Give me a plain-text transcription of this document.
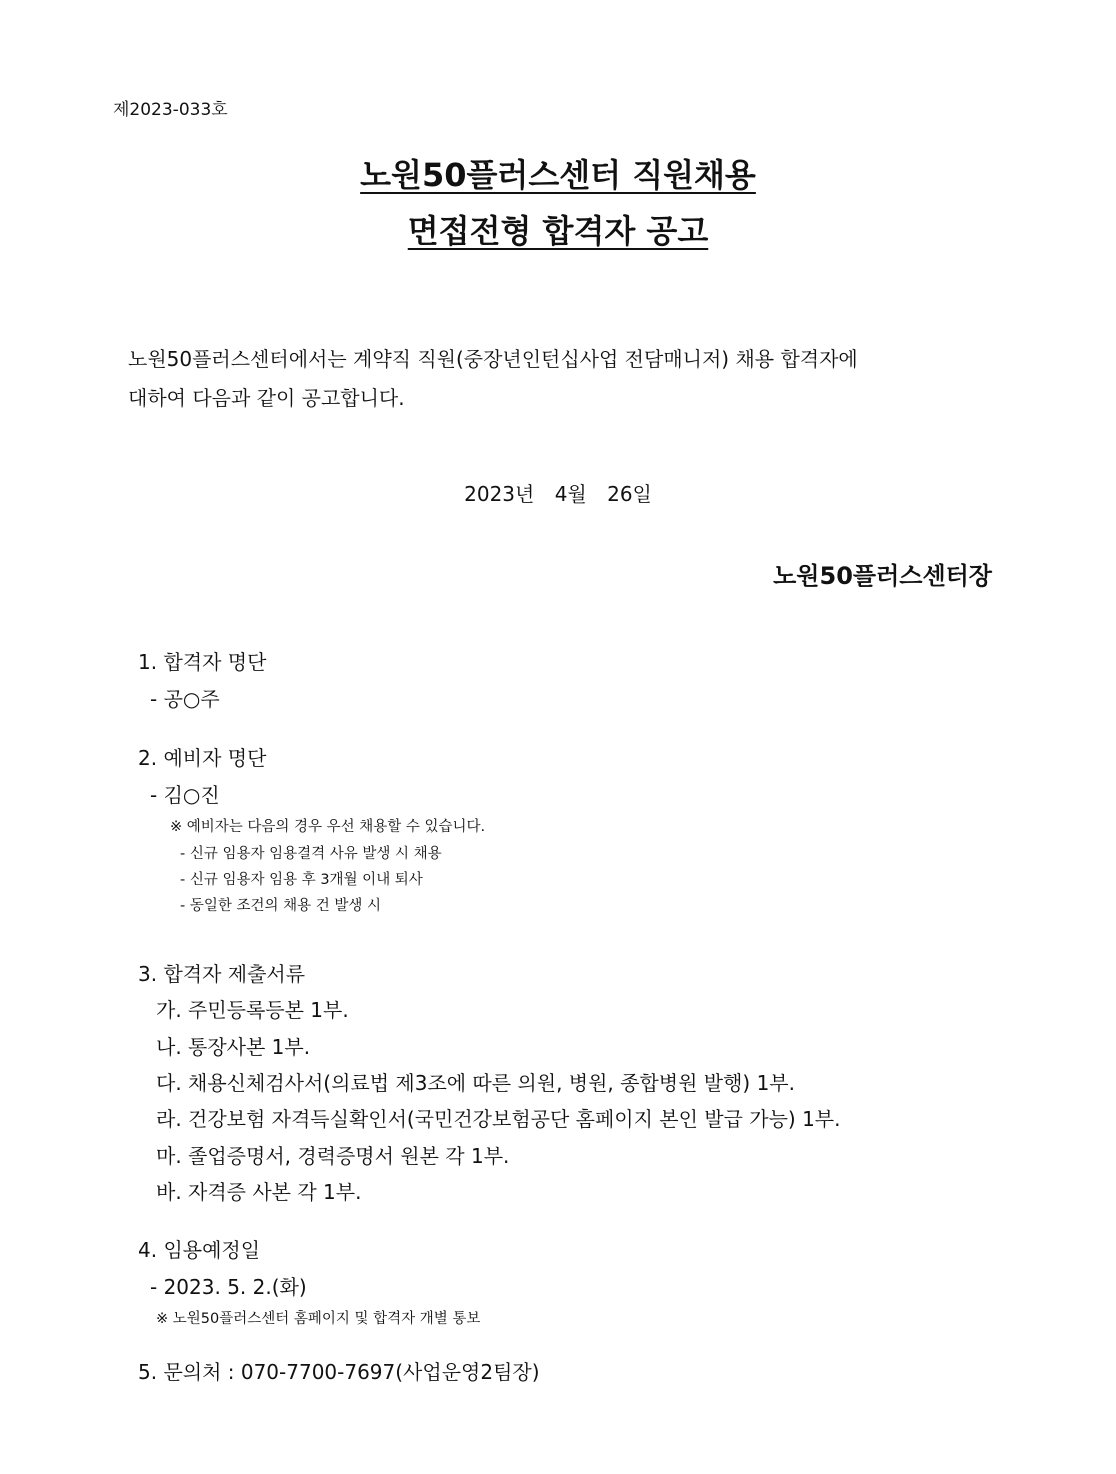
제2023-033호
노원50플러스센터 직원채용
면접전형 합격자 공고
노원50플러스센터에서는 계약직 직원(중장년인턴십사업 전담매니저) 채용 합격자에
대하여 다음과 같이 공고합니다.
2023년 4월 26일
노원50플러스센터장
1. 합격자 명단
- 공○주
2. 예비자 명단
- 김○진
※ 예비자는 다음의 경우 우선 채용할 수 있습니다.
- 신규 임용자 임용결격 사유 발생 시 채용
- 신규 임용자 임용 후 3개월 이내 퇴사
- 동일한 조건의 채용 건 발생 시
3. 합격자 제출서류
가. 주민등록등본 1부.
나. 통장사본 1부.
다. 채용신체검사서(의료법 제3조에 따른 의원, 병원, 종합병원 발행) 1부.
라. 건강보험 자격득실확인서(국민건강보험공단 홈페이지 본인 발급 가능) 1부.
마. 졸업증명서, 경력증명서 원본 각 1부.
바. 자격증 사본 각 1부.
4. 임용예정일
- 2023. 5. 2.(화)
※ 노원50플러스센터 홈페이지 및 합격자 개별 통보
5. 문의처 : 070-7700-7697(사업운영2팀장)
